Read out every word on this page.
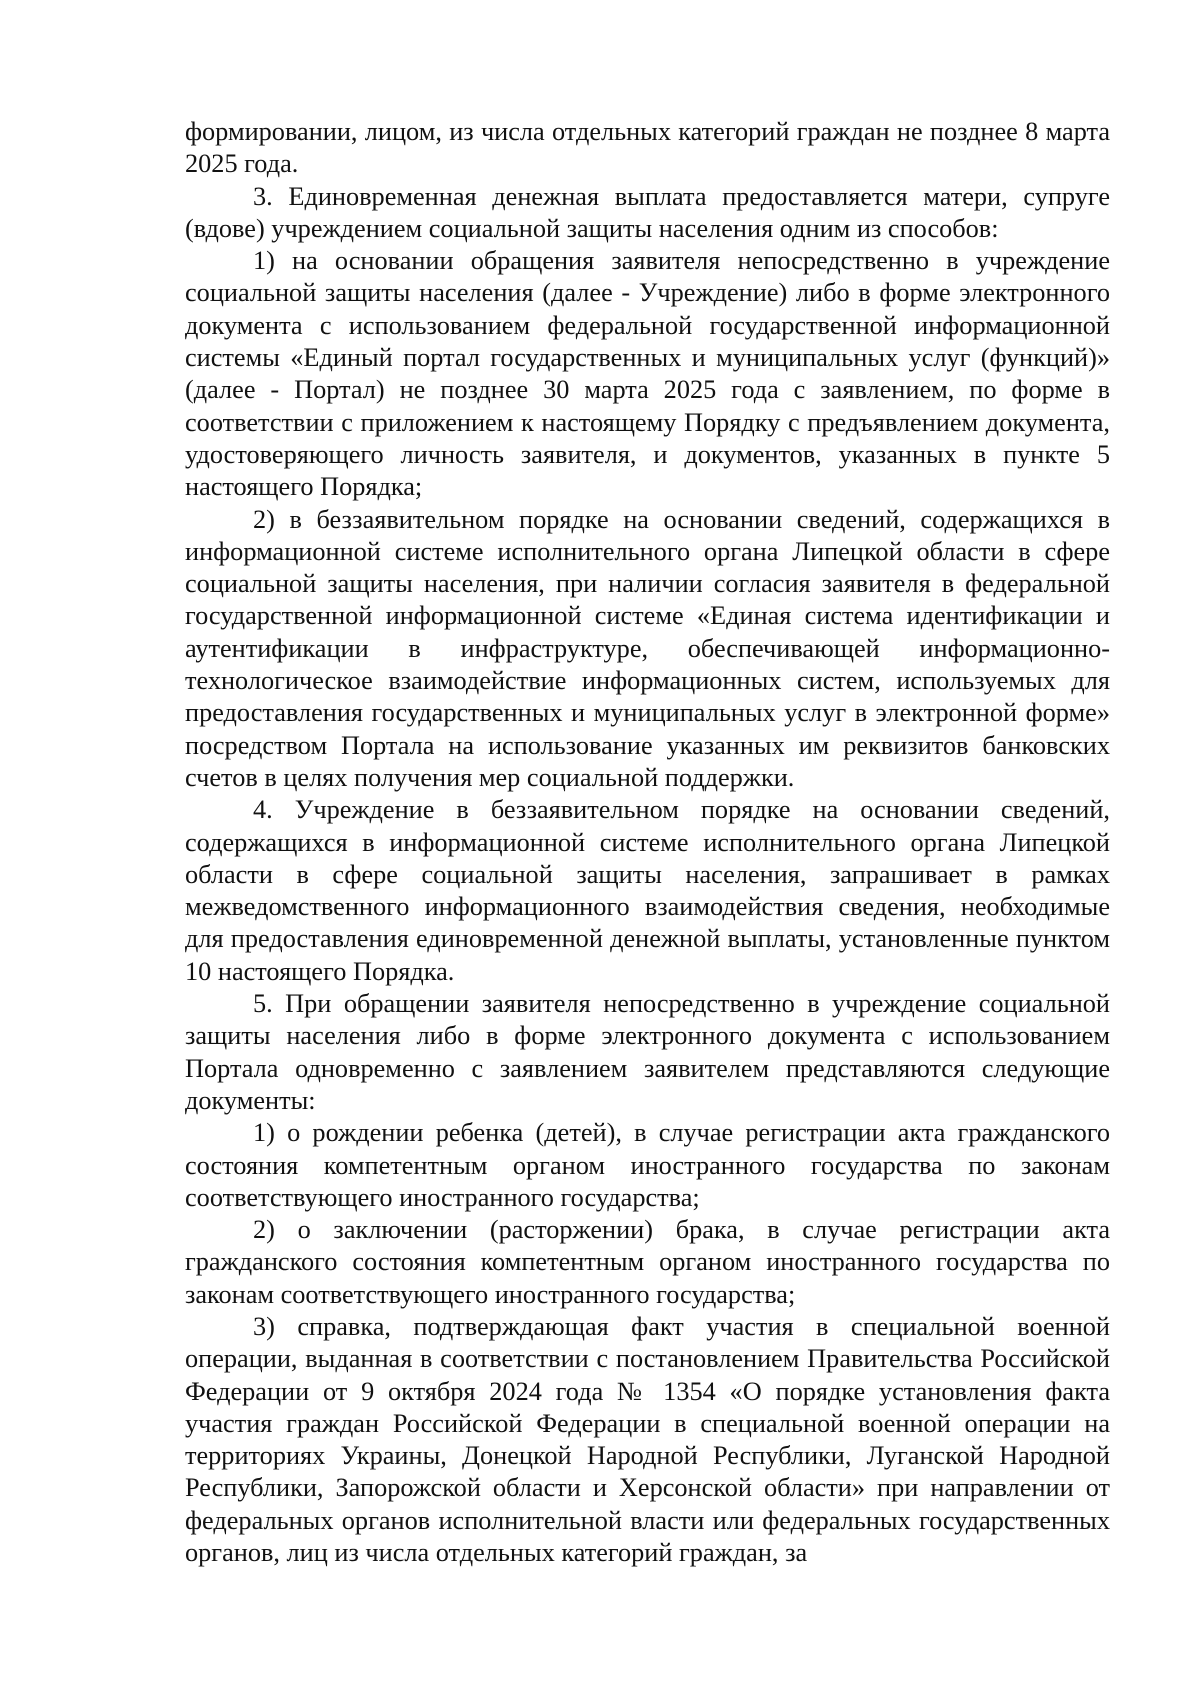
формировании, лицом, из числа отдельных категорий граждан не позднее 8 марта 2025 года.

3. Единовременная денежная выплата предоставляется матери, супруге (вдове) учреждением социальной защиты населения одним из способов:

1) на основании обращения заявителя непосредственно в учреждение социальной защиты населения (далее - Учреждение) либо в форме электронного документа с использованием федеральной государственной информационной системы «Единый портал государственных и муниципальных услуг (функций)» (далее - Портал) не позднее 30 марта 2025 года с заявлением, по форме в соответствии с приложением к настоящему Порядку с предъявлением документа, удостоверяющего личность заявителя, и документов, указанных в пункте 5 настоящего Порядка;

2) в беззаявительном порядке на основании сведений, содержащихся в информационной системе исполнительного органа Липецкой области в сфере социальной защиты населения, при наличии согласия заявителя в федеральной государственной информационной системе «Единая система идентификации и аутентификации в инфраструктуре, обеспечивающей информационно-технологическое взаимодействие информационных систем, используемых для предоставления государственных и муниципальных услуг в электронной форме» посредством Портала на использование указанных им реквизитов банковских счетов в целях получения мер социальной поддержки.

4. Учреждение в беззаявительном порядке на основании сведений, содержащихся в информационной системе исполнительного органа Липецкой области в сфере социальной защиты населения, запрашивает в рамках межведомственного информационного взаимодействия сведения, необходимые для предоставления единовременной денежной выплаты, установленные пунктом 10 настоящего Порядка.

5. При обращении заявителя непосредственно в учреждение социальной защиты населения либо в форме электронного документа с использованием Портала одновременно с заявлением заявителем представляются следующие документы:

1) о рождении ребенка (детей), в случае регистрации акта гражданского состояния компетентным органом иностранного государства по законам соответствующего иностранного государства;

2) о заключении (расторжении) брака, в случае регистрации акта гражданского состояния компетентным органом иностранного государства по законам соответствующего иностранного государства;

3) справка, подтверждающая факт участия в специальной военной операции, выданная в соответствии с постановлением Правительства Российской Федерации от 9 октября 2024 года № 1354 «О порядке установления факта участия граждан Российской Федерации в специальной военной операции на территориях Украины, Донецкой Народной Республики, Луганской Народной Республики, Запорожской области и Херсонской области» при направлении от федеральных органов исполнительной власти или федеральных государственных органов, лиц из числа отдельных категорий граждан, за
